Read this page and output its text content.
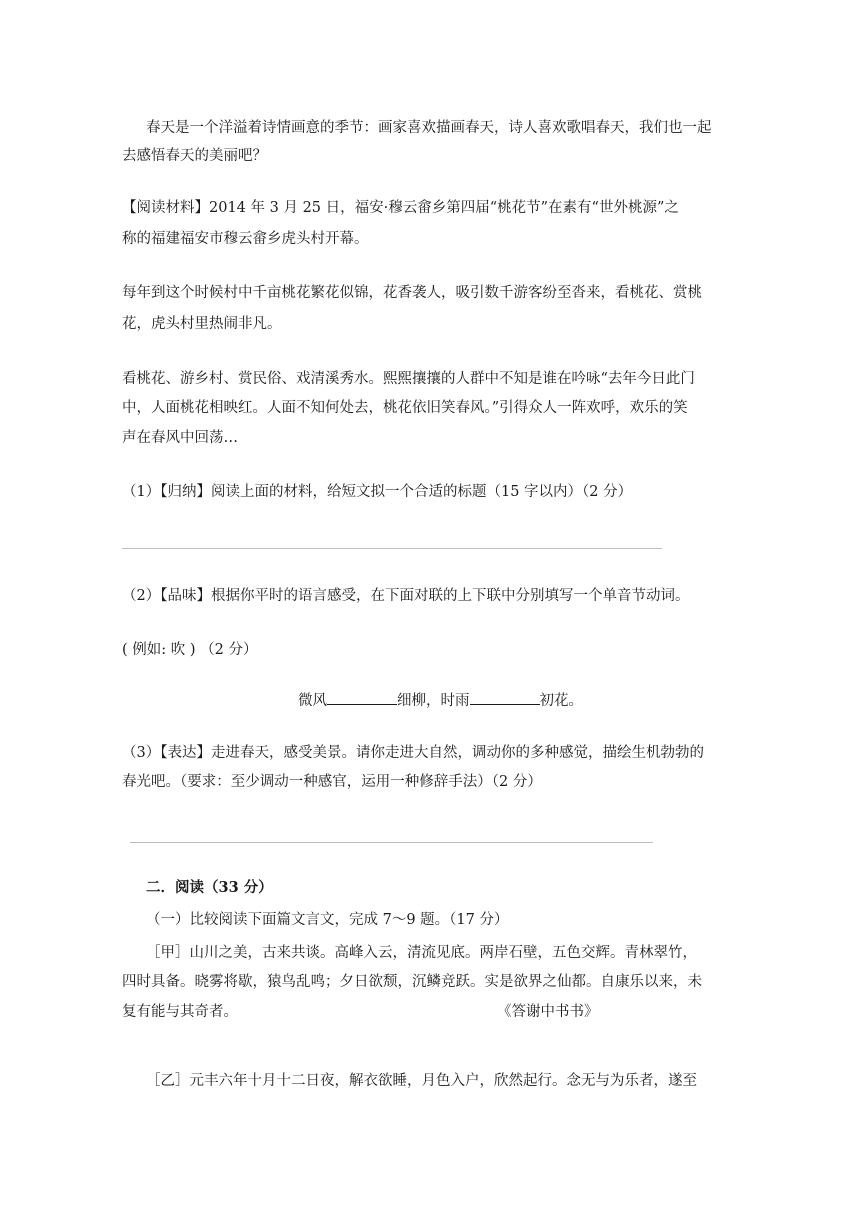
春天是一个洋溢着诗情画意的季节：画家喜欢描画春天，诗人喜欢歌唱春天，我们也一起
去感悟春天的美丽吧？
【阅读材料】2014 年 3 月 25 日，福安·穆云畲乡第四届“桃花节”在素有“世外桃源”之
称的福建福安市穆云畲乡虎头村开幕。
每年到这个时候村中千亩桃花繁花似锦，花香袭人，吸引数千游客纷至沓来，看桃花、赏桃
花，虎头村里热闹非凡。
看桃花、游乡村、赏民俗、戏清溪秀水。熙熙攘攘的人群中不知是谁在吟咏“去年今日此门
中，人面桃花相映红。人面不知何处去，桃花依旧笑春风。”引得众人一阵欢呼，欢乐的笑
声在春风中回荡…
（1）【归纳】阅读上面的材料，给短文拟一个合适的标题（15 字以内）（2 分）
（2）【品味】根据你平时的语言感受，在下面对联的上下联中分别填写一个单音节动词。
( 例如: 吹 ) （2 分）
微风	细柳，时雨	初花。
（3）【表达】走进春天，感受美景。请你走进大自然，调动你的多种感觉，描绘生机勃勃的
春光吧。（要求：至少调动一种感官，运用一种修辞手法）（2 分）
二．阅读（33 分）
（一）比较阅读下面篇文言文，完成 7～9 题。（17 分）
［甲］山川之美，古来共谈。高峰入云，清流见底。两岸石壁，五色交辉。青林翠竹，
四时具备。晓雾将歇，猿鸟乱鸣；夕日欲颓，沉鳞竞跃。实是欲界之仙都。自康乐以来，未
复有能与其奇者。	《答谢中书书》
［乙］元丰六年十月十二日夜，解衣欲睡，月色入户，欣然起行。念无与为乐者，遂至
